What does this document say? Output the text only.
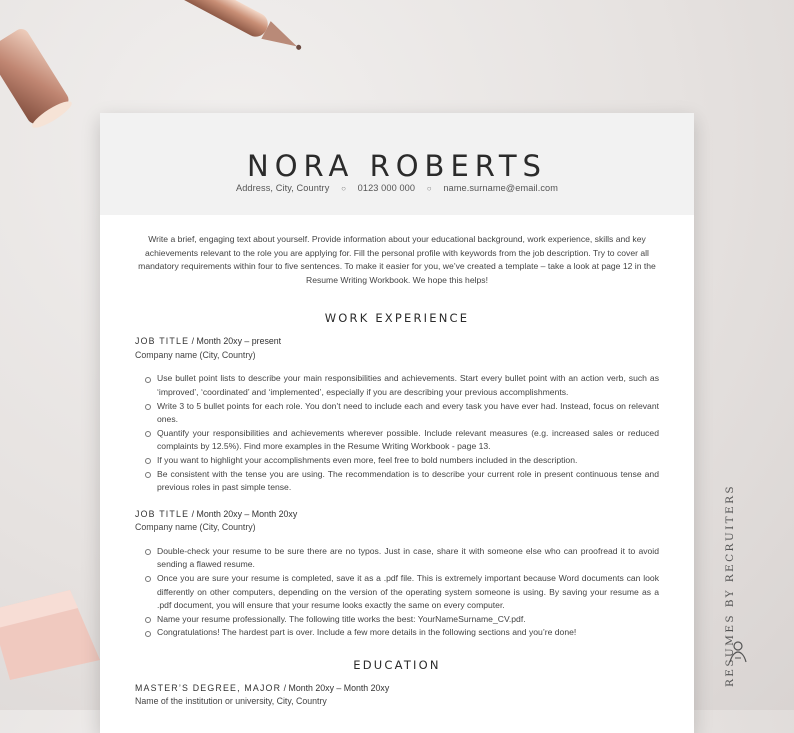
NORA ROBERTS
Address, City, Country ○ 0123 000 000 ○ name.surname@email.com
Write a brief, engaging text about yourself. Provide information about your educational background, work experience, skills and key achievements relevant to the role you are applying for. Fill the personal profile with keywords from the job description. Try to cover all mandatory requirements within four to five sentences. To make it easier for you, we’ve created a template – take a look at page 12 in the Resume Writing Workbook. We hope this helps!
WORK EXPERIENCE
JOB TITLE / Month 20xy – present
Company name (City, Country)
Use bullet point lists to describe your main responsibilities and achievements. Start every bullet point with an action verb, such as ‘improved’, ‘coordinated’ and ‘implemented’, especially if you are describing your previous accomplishments.
Write 3 to 5 bullet points for each role. You don’t need to include each and every task you have ever had. Instead, focus on relevant ones.
Quantify your responsibilities and achievements wherever possible. Include relevant measures (e.g. increased sales or reduced complaints by 12.5%). Find more examples in the Resume Writing Workbook - page 13.
If you want to highlight your accomplishments even more, feel free to bold numbers included in the description.
Be consistent with the tense you are using. The recommendation is to describe your current role in present continuous tense and previous roles in past simple tense.
JOB TITLE / Month 20xy – Month 20xy
Company name (City, Country)
Double-check your resume to be sure there are no typos. Just in case, share it with someone else who can proofread it to avoid sending a flawed resume.
Once you are sure your resume is completed, save it as a .pdf file. This is extremely important because Word documents can look differently on other computers, depending on the version of the operating system someone is using. By saving your resume as a .pdf document, you will ensure that your resume looks exactly the same on every computer.
Name your resume professionally. The following title works the best: YourNameSurname_CV.pdf.
Congratulations! The hardest part is over. Include a few more details in the following sections and you’re done!
EDUCATION
MASTER’S DEGREE, MAJOR / Month 20xy – Month 20xy
Name of the institution or university, City, Country
RESUMES BY RECRUITERS
